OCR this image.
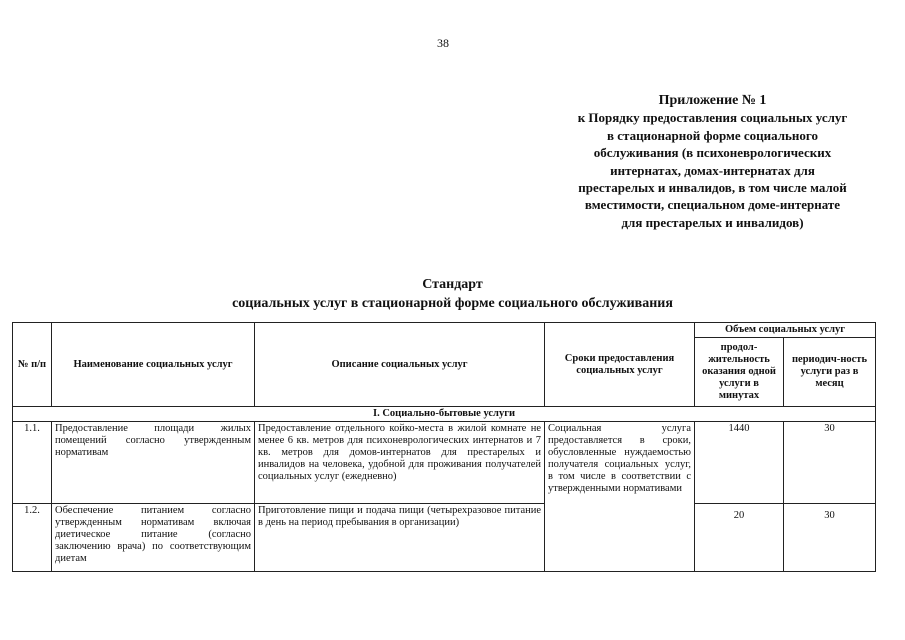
38
Приложение № 1
к Порядку предоставления социальных услуг
в стационарной форме социального
обслуживания (в психоневрологических
интернатах, домах-интернатах для
престарелых и инвалидов, в том числе малой
вместимости, специальном доме-интернате
для престарелых и инвалидов)
Стандарт
социальных услуг в стационарной форме социального обслуживания
№ п/п	Наименование социальных услуг	Описание социальных услуг	Сроки предоставления социальных услуг	Объем социальных услуг	
				продол-жительность оказания одной услуги в минутах	периодич-ность услуги раз в месяц
I. Социально-бытовые услуги					
1.1.	Предоставление площади жилых помещений согласно утвержденным нормативам	Предоставление отдельного койко-места в жилой комнате не менее 6 кв. метров для психоневрологических интернатов и 7 кв. метров для домов-интернатов для престарелых и инвалидов на человека, удобной для проживания получателей социальных услуг (ежедневно)	Социальная услуга предоставляется в сроки, обусловленные нуждаемостью получателя социальных услуг, в том числе в соответствии с утвержденными нормативами	1440	30
1.2.	Обеспечение питанием согласно утвержденным нормативам включая диетическое питание (согласно заключению врача) по соответствующим диетам	Приготовление пищи и подача пищи (четырехразовое питание в день на период пребывания в организации)		20	30
